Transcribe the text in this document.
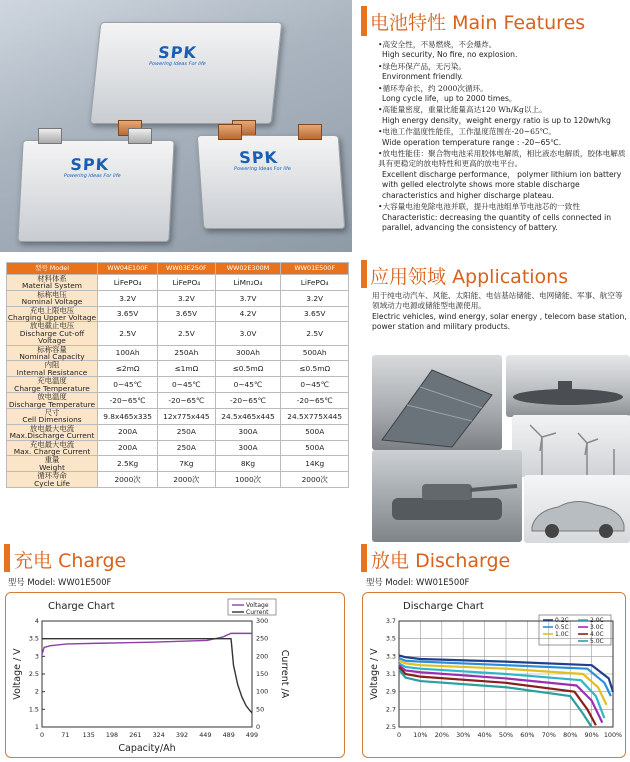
SPK
Powering Ideas For life
SPK
Powering Ideas For life
SPK
Powering Ideas For life
型号 Model	WW04E100F	WW03E250F	WW02E300M	WW01E500F

材料体系
Material System	LiFePO₄	LiFePO₄	LiMn₂O₄	LiFePO₄

标称电压
Nominal Voltage	3.2V	3.2V	3.7V	3.2V

充电上限电压
Charging Upper Voltage	3.65V	3.65V	4.2V	3.65V

放电截止电压
Discharge Cut-off Voltage	2.5V	2.5V	3.0V	2.5V

标称容量
Nominal Capacity	100Ah	250Ah	300Ah	500Ah

内阻
Internal Resistance	≤2mΩ	≤1mΩ	≤0.5mΩ	≤0.5mΩ

充电温度
Charge Temperature	0~45℃	0~45℃	0~45℃	0~45℃

放电温度
Discharge Temperature	-20~65℃	-20~65℃	-20~65℃	-20~65℃

尺寸
Cell Dimensions	9.8x465x335	12x775x445	24.5x465x445	24.5X775X445

放电最大电流
Max.Discharge Current	200A	250A	300A	500A

充电最大电流
Max. Charge Current	200A	250A	300A	500A

重量
Weight	2.5Kg	7Kg	8Kg	14Kg

循环寿命
Cycle Life	2000次	2000次	1000次	2000次
电池特性 Main Features
•高安全性，不易燃烧，不会爆炸。
High security, No fire, no explosion.
•绿色环保产品，无污染。
Environment friendly.
•循环寿命长，约 2000次循环。
Long cycle life，up to 2000 times。
•高能量密度，重量比能量高达120 Wh/Kg以上。
High energy density，weight energy ratio is up to 120wh/kg
•电池工作温度性能佳，工作温度范围在-20~65℃。
Wide operation temperature range : -20~65℃.
•放电性能佳：聚合物电池采用胶体电解质，相比液态电解质，胶体电解质具有更稳定的放电特性和更高的放电平台。
Excellent discharge performance， polymer lithium ion battery with gelled electrolyte shows more stable discharge characteristics and higher discharge plateau.
•大容量电池免除电池并联，提升电池组单节电池芯的一致性
Characteristic: decreasing the quantity of cells connected in parallel, advancing the consistency of battery.
应用领域 Applications
用于纯电动汽车、风能、太阳能、电信基站储能、电网储能、军事、航空等领域动力电源或储能型电源使用。
Electric vehicles, wind energy, solar energy , telecom base station, power station and military products.
充电 Charge
型号 Model: WW01E500F
Charge Chart
1
1.5
2
2.5
3
3.5
4
0
50
100
150
200
250
300
0	71 135 198 261 324 392 449 489 499
Capacity/Ah
Voltage / V	Current /A
Voltage
Current
放电 Discharge
型号 Model: WW01E500F
Discharge Chart
2.5
2.7
2.9
3.1
3.3
3.5
3.7
0 10% 20% 30% 40% 50% 60% 70% 80% 90% 100%
Voltage / V
0.2C
0.5C
1.0C
2.0C
3.0C
4.0C
5.0C
